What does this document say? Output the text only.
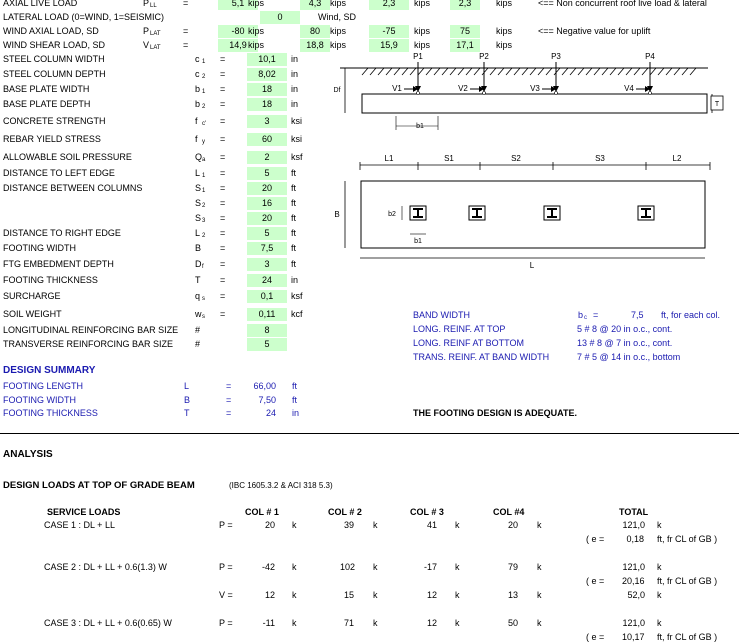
AXIAL LIVE LOAD	P LL	=	5,1 kips	4,3 kips	2,3	kips	2,3	kips	<== Non concurrent roof live load & lateral
LATERAL LOAD (0=WIND, 1=SEISMIC)	0	Wind, SD
WIND AXIAL LOAD, SD	P LAT =	-80 kips	80	kips	-75	kips	75	kips	<== Negative value for uplift
WIND SHEAR LOAD, SD	V LAT =	14,9 kips	18,8 kips	15,9	kips	17,1	kips
STEEL COLUMN WIDTH	c 1 =	10,1	in
STEEL COLUMN DEPTH	c 2 =	8,02	in
BASE PLATE WIDTH	b 1 =	18	in
BASE PLATE DEPTH	b 2 =	18	in
CONCRETE STRENGTH	f c' =	3	ksi
REBAR YIELD STRESS	f y =	60	ksi
ALLOWABLE SOIL PRESSURE	Q a =	2	ksf
DISTANCE TO LEFT EDGE	L 1 =	5	ft
DISTANCE BETWEEN COLUMNS	S 1 =	20	ft
S 2 =	16	ft
S 3 =	20	ft
DISTANCE TO RIGHT EDGE	L 2 =	5	ft
FOOTING WIDTH	B =	7,5	ft
FTG EMBEDMENT DEPTH	D f =	3	ft
FOOTING THICKNESS	T =	24	in
SURCHARGE	q s =	0,1	ksf
SOIL WEIGHT	w s =	0,11	kcf
LONGITUDINAL REINFORCING BAR SIZE #	8
TRANSVERSE REINFORCING BAR SIZE #	5
DESIGN SUMMARY
FOOTING LENGTH	L	=	66,00 ft
FOOTING WIDTH	B	=	7,50 ft
FOOTING THICKNESS	T	=	24 in	THE FOOTING DESIGN IS ADEQUATE.
BAND WIDTH	b c =	7,5 ft, for each col.
LONG. REINF. AT TOP	5 # 8 @ 20 in o.c., cont.
LONG. REINF AT BOTTOM	13 # 8 @ 7 in o.c., cont.
TRANS. REINF. AT BAND WIDTH	7 # 5 @ 14 in o.c., bottom
ANALYSIS
DESIGN LOADS AT TOP OF GRADE BEAM	(IBC 1605.3.2 & ACI 318 5.3)
SERVICE LOADS	COL # 1	COL # 2	COL # 3	COL #4	TOTAL
CASE 1 : DL + LL	P =	20 k	39 k	41 k	20 k	121,0 k
( e =	0,18 ft, fr CL of GB )
CASE 2 : DL + LL + 0.6(1.3) W	P =	-42 k	102 k	-17 k	79 k	121,0 k
( e = 20,16 ft, fr CL of GB )
V =	12 k	15 k	12 k	13 k	52,0 k
CASE 3 : DL + LL + 0.6(0.65) W	P =	-11 k	71 k	12 k	50 k	121,0 k
( e = 10,17 ft, fr CL of GB )
Df
T
P1
V1
P2
V2
P3
V3
P4
V4
b1
L1	S1	S2	S3	L2
B
L
b2
b1
